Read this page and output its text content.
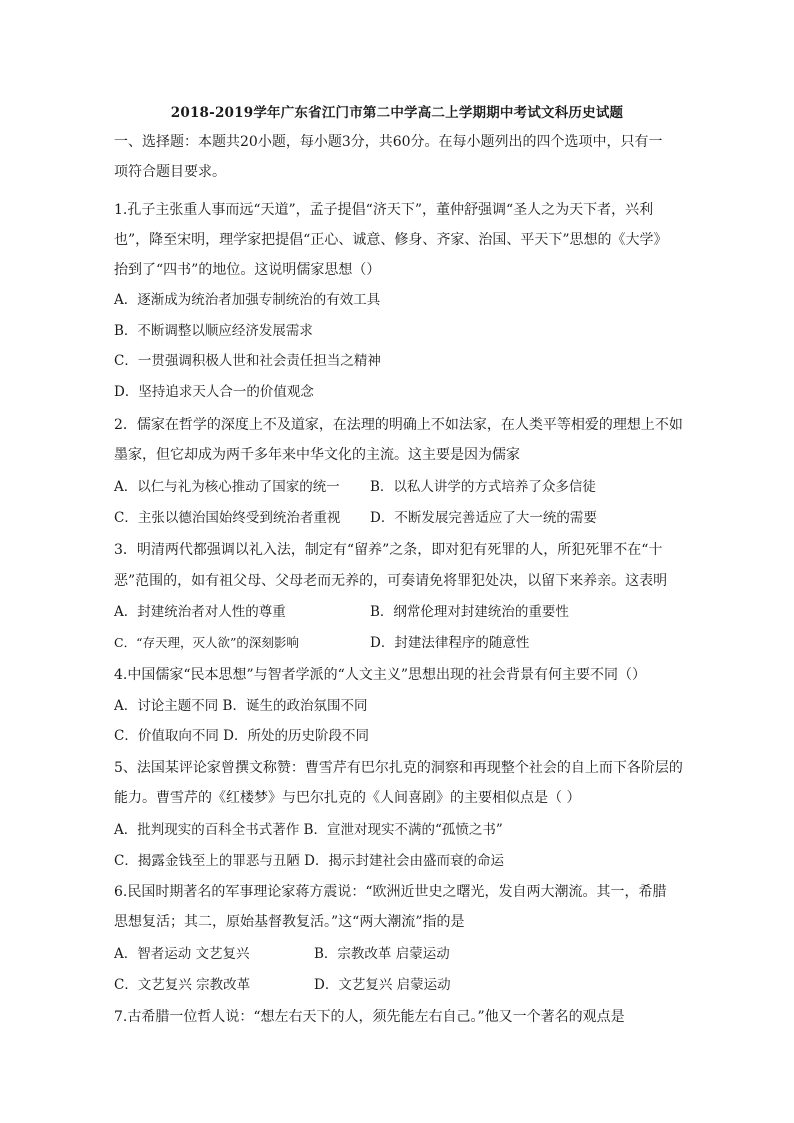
2018-2019学年广东省江门市第二中学高二上学期期中考试文科历史试题
一、选择题：本题共20小题，每小题3分，共60分。在每小题列出的四个选项中，只有一
项符合题目要求。
1.孔子主张重人事而远“天道”，孟子提倡“济天下”，董仲舒强调“圣人之为天下者，兴利
也”，降至宋明，理学家把提倡“正心、诚意、修身、齐家、治国、平天下”思想的《大学》
抬到了“四书”的地位。这说明儒家思想（）
A．逐渐成为统治者加强专制统治的有效工具
B．不断调整以顺应经济发展需求
C．一贯强调积极人世和社会责任担当之精神
D．坚持追求天人合一的价值观念
2．儒家在哲学的深度上不及道家，在法理的明确上不如法家，在人类平等相爱的理想上不如
墨家，但它却成为两千多年来中华文化的主流。这主要是因为儒家
A．以仁与礼为核心推动了国家的统一 B．以私人讲学的方式培养了众多信徒
C．主张以德治国始终受到统治者重视 D．不断发展完善适应了大一统的需要
3．明清两代都强调以礼入法，制定有“留养”之条，即对犯有死罪的人，所犯死罪不在“十
恶”范围的，如有祖父母、父母老而无养的，可奏请免将罪犯处决，以留下来养亲。这表明
A．封建统治者对人性的尊重	B．纲常伦理对封建统治的重要性
C．“存天理，灭人欲”的深刻影响	D．封建法律程序的随意性
4.中国儒家“民本思想”与智者学派的“人文主义”思想出现的社会背景有何主要不同（）
A．讨论主题不同 B．诞生的政治氛围不同
C．价值取向不同 D．所处的历史阶段不同
5、法国某评论家曾撰文称赞：曹雪芹有巴尔扎克的洞察和再现整个社会的自上而下各阶层的
能力。曹雪芹的《红楼梦》与巴尔扎克的《人间喜剧》的主要相似点是（ ）
A．批判现实的百科全书式著作 B．宣泄对现实不满的“孤愤之书”
C．揭露金钱至上的罪恶与丑陋 D．揭示封建社会由盛而衰的命运
6.民国时期著名的军事理论家蒋方震说：“欧洲近世史之曙光，发自两大潮流。其一，希腊
思想复活；其二，原始基督教复活。”这“两大潮流”指的是
A．智者运动 文艺复兴	B．宗教改革 启蒙运动
C．文艺复兴 宗教改革	D．文艺复兴 启蒙运动
7.古希腊一位哲人说：“想左右天下的人，须先能左右自己。”他又一个著名的观点是
